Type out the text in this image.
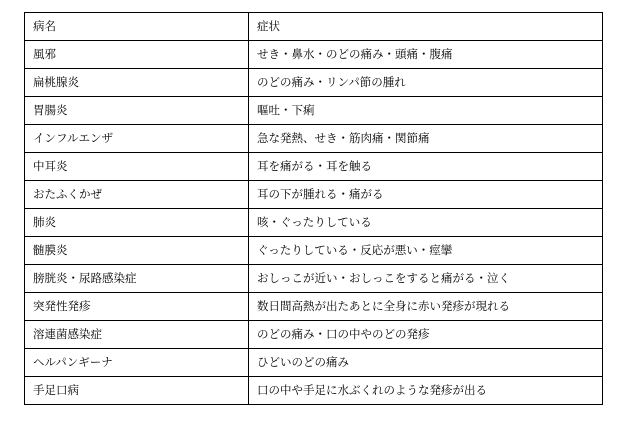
病名	症状
風邪	せき・鼻水・のどの痛み・頭痛・腹痛
扁桃腺炎	のどの痛み・リンパ節の腫れ
胃腸炎	嘔吐・下痢
インフルエンザ	急な発熱、せき・筋肉痛・関節痛
中耳炎	耳を痛がる・耳を触る
おたふくかぜ	耳の下が腫れる・痛がる
肺炎	咳・ぐったりしている
髄膜炎	ぐったりしている・反応が悪い・痙攣
膀胱炎・尿路感染症	おしっこが近い・おしっこをすると痛がる・泣く
突発性発疹	数日間高熱が出たあとに全身に赤い発疹が現れる
溶連菌感染症	のどの痛み・口の中やのどの発疹
ヘルパンギーナ	ひどいのどの痛み
手足口病	口の中や手足に水ぶくれのような発疹が出る
